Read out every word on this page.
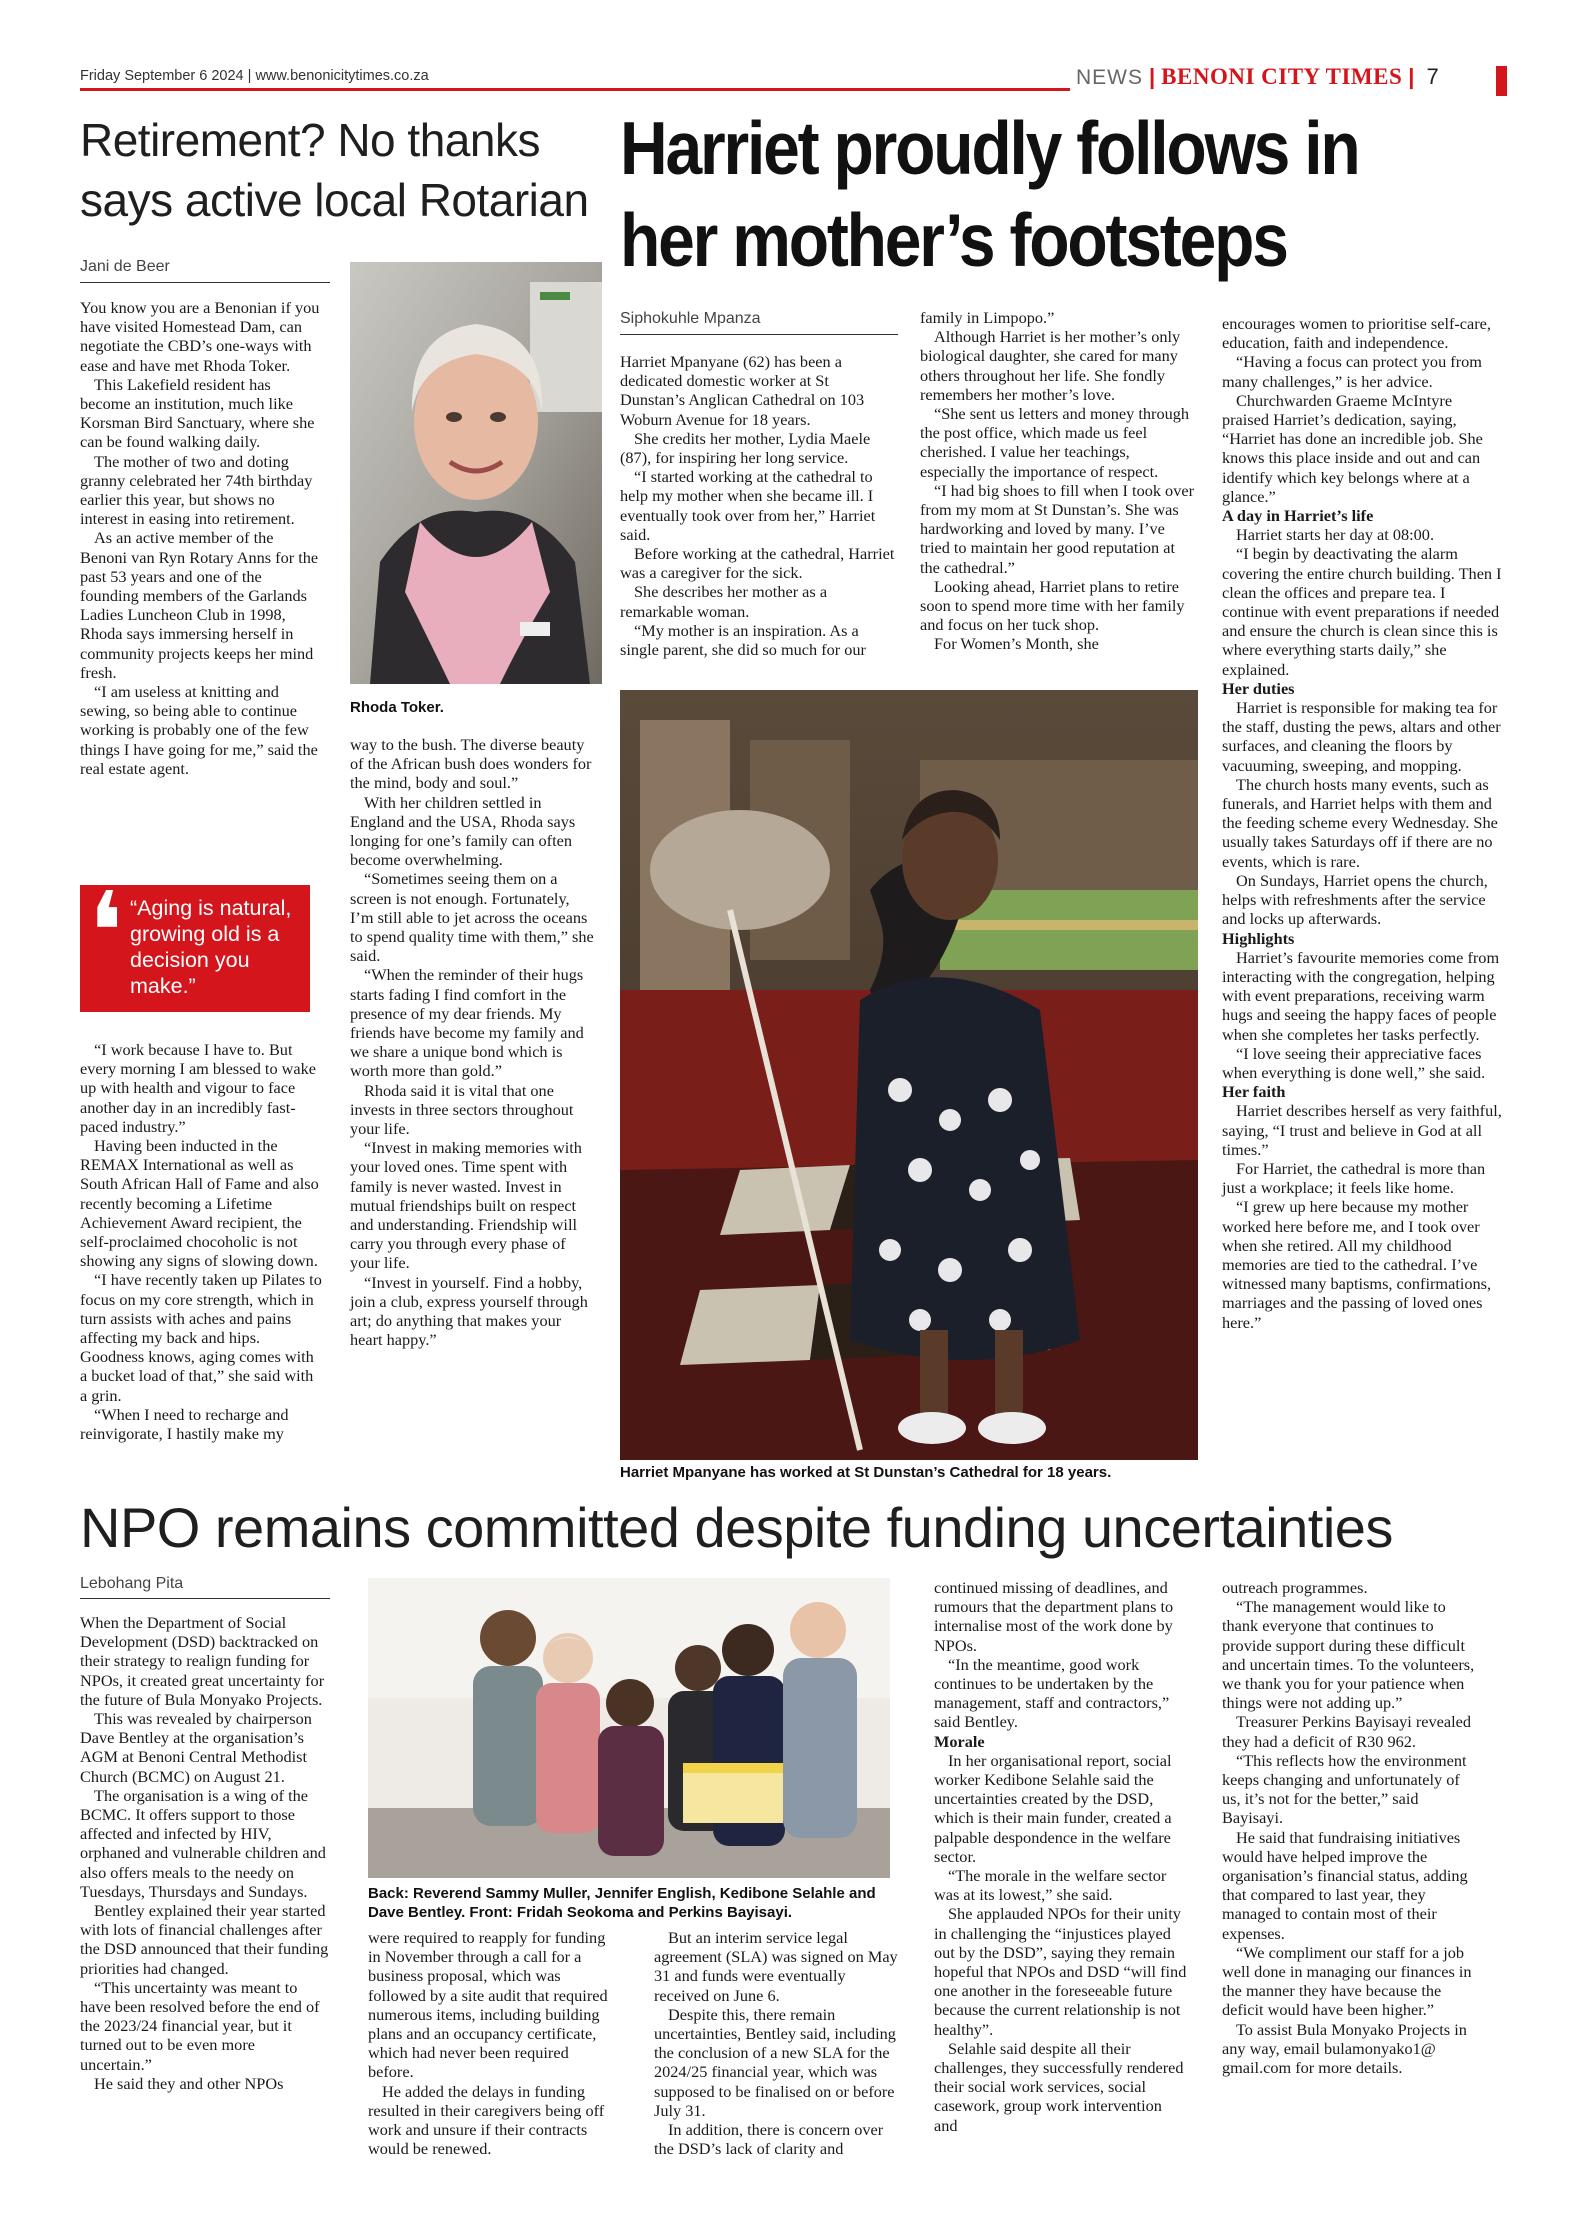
Friday September 6 2024 | www.benonicitytimes.co.za	NEWS | BENONI CITY TIMES | 7
Retirement? No thanks says active local Rotarian
Jani de Beer

You know you are a Benonian if you have visited Homestead Dam, can negotiate the CBD’s one-ways with ease and have met Rhoda Toker.

This Lakefield resident has become an institution, much like Korsman Bird Sanctuary, where she can be found walking daily.

The mother of two and doting granny celebrated her 74th birthday earlier this year, but shows no interest in easing into retirement.

As an active member of the Benoni van Ryn Rotary Anns for the past 53 years and one of the founding members of the Garlands Ladies Luncheon Club in 1998, Rhoda says immersing herself in community projects keeps her mind fresh.

“I am useless at knitting and sewing, so being able to continue working is probably one of the few things I have going for me,” said the real estate agent.

❛ “Aging is natural, growing old is a decision you make.”

“I work because I have to. But every morning I am blessed to wake up with health and vigour to face another day in an incredibly fast-paced industry.”

Having been inducted in the REMAX International as well as South African Hall of Fame and also recently becoming a Lifetime Achievement Award recipient, the self-proclaimed chocoholic is not showing any signs of slowing down.

“I have recently taken up Pilates to focus on my core strength, which in turn assists with aches and pains affecting my back and hips. Goodness knows, aging comes with a bucket load of that,” she said with a grin.

“When I need to recharge and reinvigorate, I hastily make my

Rhoda Toker.

way to the bush. The diverse beauty of the African bush does wonders for the mind, body and soul.”

With her children settled in England and the USA, Rhoda says longing for one’s family can often become overwhelming.

“Sometimes seeing them on a screen is not enough. Fortunately, I’m still able to jet across the oceans to spend quality time with them,” she said.

“When the reminder of their hugs starts fading I find comfort in the presence of my dear friends. My friends have become my family and we share a unique bond which is worth more than gold.”

Rhoda said it is vital that one invests in three sectors throughout your life.

“Invest in making memories with your loved ones. Time spent with family is never wasted. Invest in mutual friendships built on respect and understanding. Friendship will carry you through every phase of your life.

“Invest in yourself. Find a hobby, join a club, express yourself through art; do anything that makes your heart happy.”

Harriet proudly follows in her mother’s footsteps
Siphokuhle Mpanza

Harriet Mpanyane (62) has been a dedicated domestic worker at St Dunstan’s Anglican Cathedral on 103 Woburn Avenue for 18 years.

She credits her mother, Lydia Maele (87), for inspiring her long service.

“I started working at the cathedral to help my mother when she became ill. I eventually took over from her,” Harriet said.

Before working at the cathedral, Harriet was a caregiver for the sick.

She describes her mother as a remarkable woman.

“My mother is an inspiration. As a single parent, she did so much for our

family in Limpopo.”

Although Harriet is her mother’s only biological daughter, she cared for many others throughout her life. She fondly remembers her mother’s love.

“She sent us letters and money through the post office, which made us feel cherished. I value her teachings, especially the importance of respect.

“I had big shoes to fill when I took over from my mom at St Dunstan’s. She was hardworking and loved by many. I’ve tried to maintain her good reputation at the cathedral.”

Looking ahead, Harriet plans to retire soon to spend more time with her family and focus on her tuck shop.

For Women’s Month, she

encourages women to prioritise self-care, education, faith and independence.

“Having a focus can protect you from many challenges,” is her advice.

Churchwarden Graeme McIntyre praised Harriet’s dedication, saying, “Harriet has done an incredible job. She knows this place inside and out and can identify which key belongs where at a glance.”

A day in Harriet’s life

Harriet starts her day at 08:00.

“I begin by deactivating the alarm covering the entire church building. Then I clean the offices and prepare tea. I continue with event preparations if needed and ensure the church is clean since this is where everything starts daily,” she explained.

Her duties

Harriet is responsible for making tea for the staff, dusting the pews, altars and other surfaces, and cleaning the floors by vacuuming, sweeping, and mopping.

The church hosts many events, such as funerals, and Harriet helps with them and the feeding scheme every Wednesday. She usually takes Saturdays off if there are no events, which is rare.

On Sundays, Harriet opens the church, helps with refreshments after the service and locks up afterwards.

Highlights

Harriet’s favourite memories come from interacting with the congregation, helping with event preparations, receiving warm hugs and seeing the happy faces of people when she completes her tasks perfectly.

“I love seeing their appreciative faces when everything is done well,” she said.

Her faith

Harriet describes herself as very faithful, saying, “I trust and believe in God at all times.”

For Harriet, the cathedral is more than just a workplace; it feels like home.

“I grew up here because my mother worked here before me, and I took over when she retired. All my childhood memories are tied to the cathedral. I’ve witnessed many baptisms, confirmations, marriages and the passing of loved ones here.”

Harriet Mpanyane has worked at St Dunstan’s Cathedral for 18 years.
NPO remains committed despite funding uncertainties
Lebohang Pita

When the Department of Social Development (DSD) backtracked on their strategy to realign funding for NPOs, it created great uncertainty for the future of Bula Monyako Projects.

This was revealed by chairperson Dave Bentley at the organisation’s AGM at Benoni Central Methodist Church (BCMC) on August 21.

The organisation is a wing of the BCMC. It offers support to those affected and infected by HIV, orphaned and vulnerable children and also offers meals to the needy on Tuesdays, Thursdays and Sundays.

Bentley explained their year started with lots of financial challenges after the DSD announced that their funding priorities had changed.

“This uncertainty was meant to have been resolved before the end of the 2023/24 financial year, but it turned out to be even more uncertain.”

He said they and other NPOs

Back: Reverend Sammy Muller, Jennifer English, Kedibone Selahle and Dave Bentley. Front: Fridah Seokoma and Perkins Bayisayi.

were required to reapply for funding in November through a call for a business proposal, which was followed by a site audit that required numerous items, including building plans and an occupancy certificate, which had never been required before.

He added the delays in funding resulted in their caregivers being off work and unsure if their contracts would be renewed.

But an interim service legal agreement (SLA) was signed on May 31 and funds were eventually received on June 6.

Despite this, there remain uncertainties, Bentley said, including the conclusion of a new SLA for the 2024/25 financial year, which was supposed to be finalised on or before July 31.

In addition, there is concern over the DSD’s lack of clarity and

continued missing of deadlines, and rumours that the department plans to internalise most of the work done by NPOs.

“In the meantime, good work continues to be undertaken by the management, staff and contractors,” said Bentley.

Morale

In her organisational report, social worker Kedibone Selahle said the uncertainties created by the DSD, which is their main funder, created a palpable despondence in the welfare sector.

“The morale in the welfare sector was at its lowest,” she said.

She applauded NPOs for their unity in challenging the “injustices played out by the DSD”, saying they remain hopeful that NPOs and DSD “will find one another in the foreseeable future because the current relationship is not healthy”.

Selahle said despite all their challenges, they successfully rendered their social work services, social casework, group work intervention and

outreach programmes.

“The management would like to thank everyone that continues to provide support during these difficult and uncertain times. To the volunteers, we thank you for your patience when things were not adding up.”

Treasurer Perkins Bayisayi revealed they had a deficit of R30 962.

“This reflects how the environment keeps changing and unfortunately of us, it’s not for the better,” said Bayisayi.

He said that fundraising initiatives would have helped improve the organisation’s financial status, adding that compared to last year, they managed to contain most of their expenses.

“We compliment our staff for a job well done in managing our finances in the manner they have because the deficit would have been higher.”

To assist Bula Monyako Projects in any way, email bulamonyako1@ gmail.com for more details.
